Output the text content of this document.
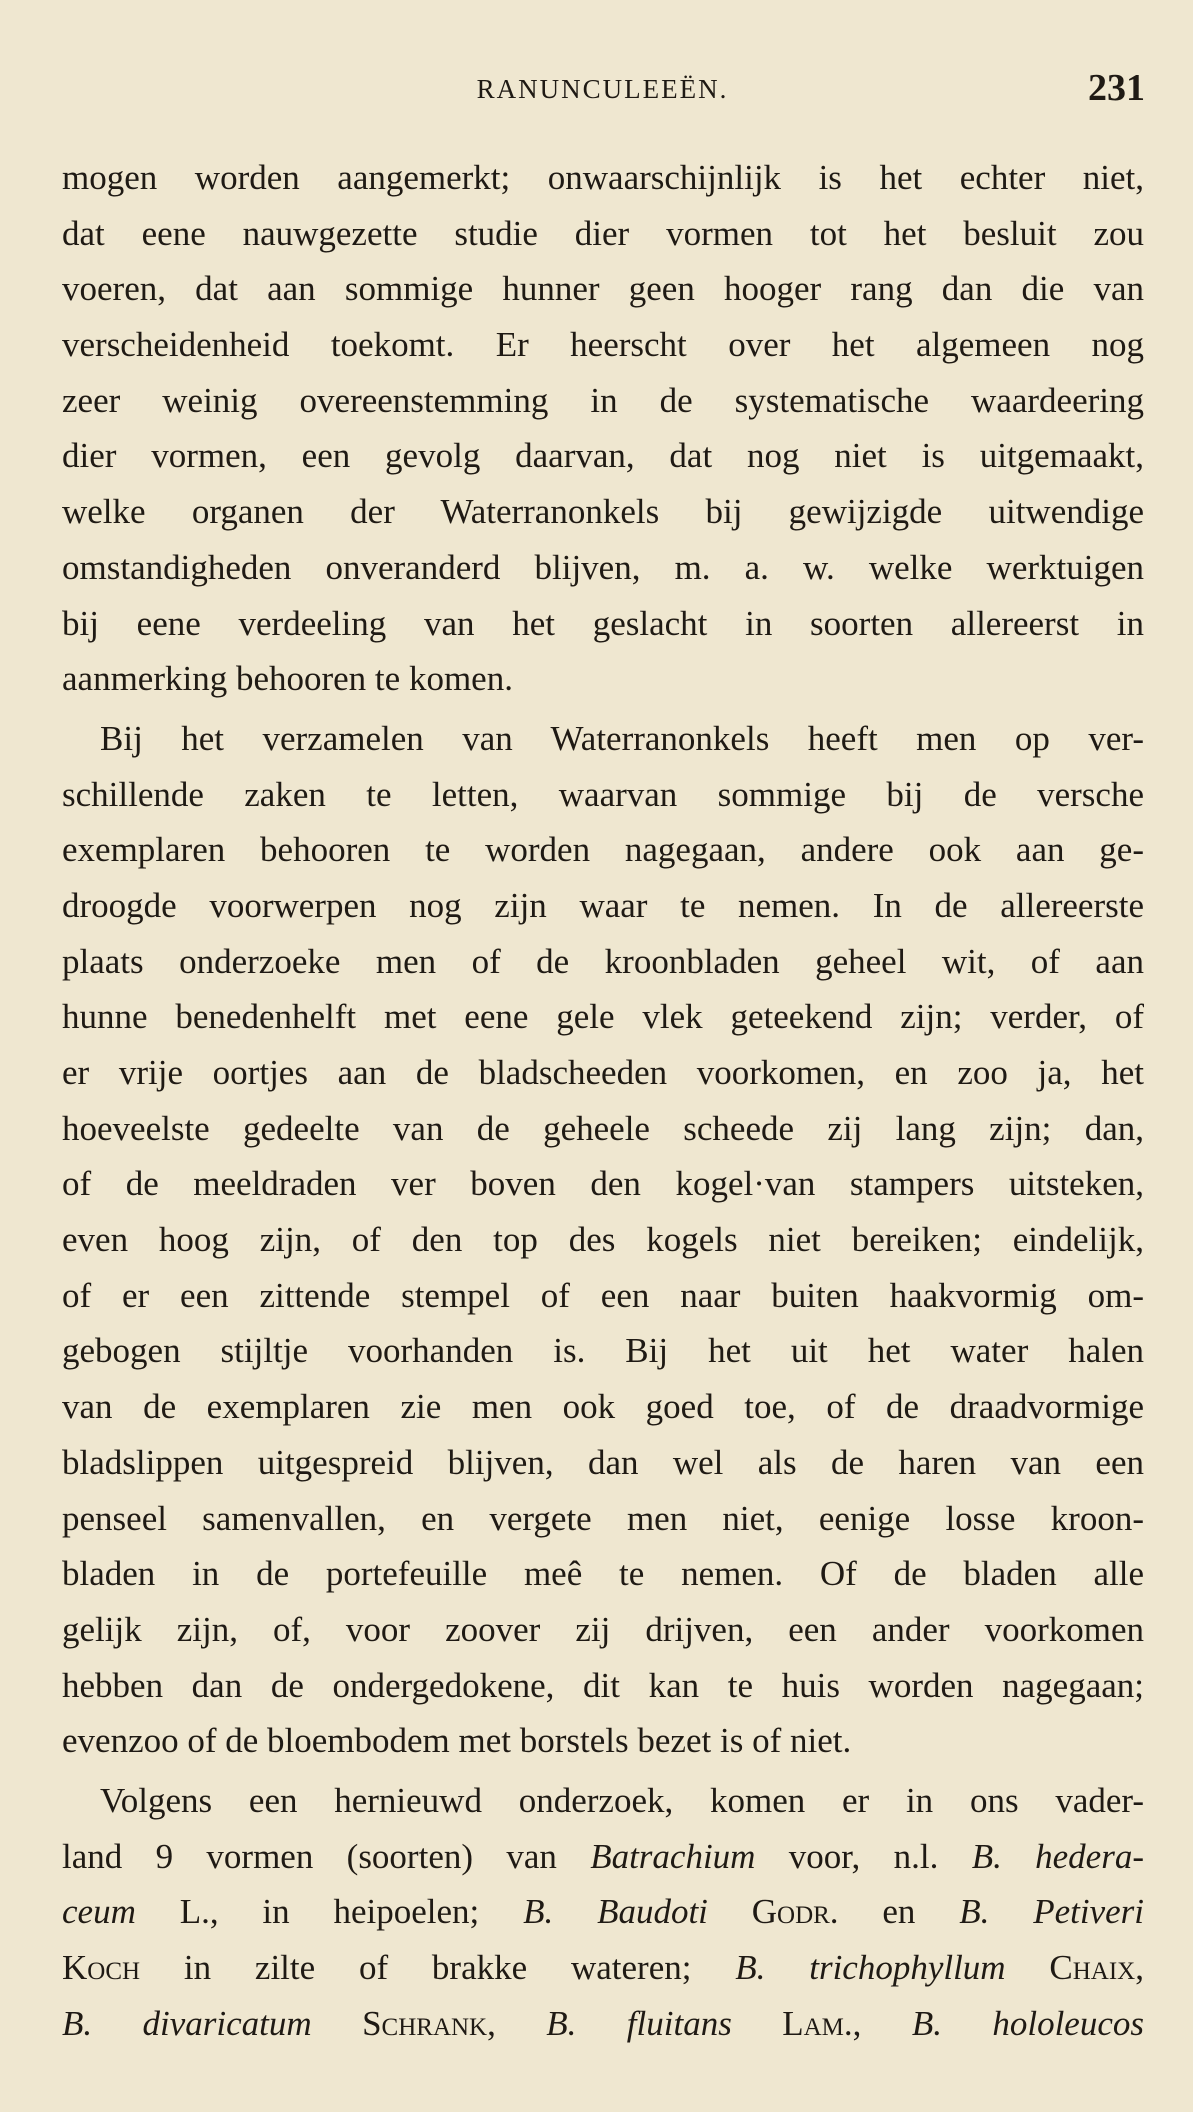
RANUNCULEEËN.	231
mogen worden aangemerkt; onwaarschijnlijk is het echter niet,
dat eene nauwgezette studie dier vormen tot het besluit zou
voeren, dat aan sommige hunner geen hooger rang dan die van
verscheidenheid toekomt. Er heerscht over het algemeen nog
zeer weinig overeenstemming in de systematische waardeering
dier vormen, een gevolg daarvan, dat nog niet is uitgemaakt,
welke organen der Waterranonkels bij gewijzigde uitwendige
omstandigheden onveranderd blijven, m. a. w. welke werktuigen
bij eene verdeeling van het geslacht in soorten allereerst in
aanmerking behooren te komen.
Bij het verzamelen van Waterranonkels heeft men op ver-
schillende zaken te letten, waarvan sommige bij de versche
exemplaren behooren te worden nagegaan, andere ook aan ge-
droogde voorwerpen nog zijn waar te nemen. In de allereerste
plaats onderzoeke men of de kroonbladen geheel wit, of aan
hunne benedenhelft met eene gele vlek geteekend zijn; verder, of
er vrije oortjes aan de bladscheeden voorkomen, en zoo ja, het
hoeveelste gedeelte van de geheele scheede zij lang zijn; dan,
of de meeldraden ver boven den kogel·van stampers uitsteken,
even hoog zijn, of den top des kogels niet bereiken; eindelijk,
of er een zittende stempel of een naar buiten haakvormig om-
gebogen stijltje voorhanden is. Bij het uit het water halen
van de exemplaren zie men ook goed toe, of de draadvormige
bladslippen uitgespreid blijven, dan wel als de haren van een
penseel samenvallen, en vergete men niet, eenige losse kroon-
bladen in de portefeuille meê te nemen. Of de bladen alle
gelijk zijn, of, voor zoover zij drijven, een ander voorkomen
hebben dan de ondergedokene, dit kan te huis worden nagegaan;
evenzoo of de bloembodem met borstels bezet is of niet.
Volgens een hernieuwd onderzoek, komen er in ons vader-
land 9 vormen (soorten) van Batrachium voor, n.l. B. hedera-
ceum L., in heipoelen; B. Baudoti Godr. en B. Petiveri
Koch in zilte of brakke wateren; B. trichophyllum Chaix,
B. divaricatum Schrank, B. fluitans Lam., B. hololeucos
